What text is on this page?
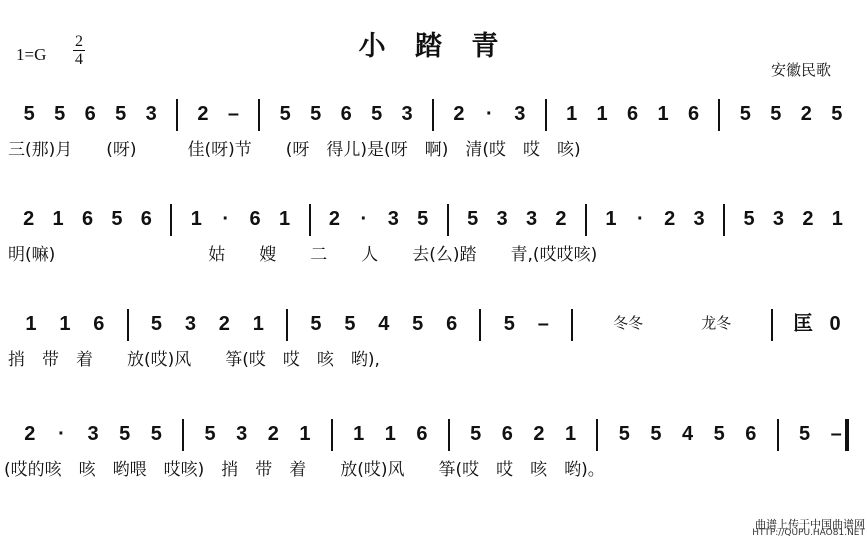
小 踏 青
1=G
2
4
安徽民歌
5 5 6 5 3 2 – 5 5 6 5 3 2 · 3 1 1 6 1 6 5 5 2 5
三(那)月　　(呀)　　　佳(呀)节　　(呀　得儿)是(呀　啊)　清(哎　哎　咳)
2 1 6 5 6 1 · 6 1 2 · 3 5 5 3 3 2 1 · 2 3 5 3 2 1
明(嘛)　　　　　　　　　姑　　嫂　　二　　人　　去(么)踏　　青,(哎哎咳)
1 1 6 5 3 2 1 5 5 4 5 6 5 –	冬冬	龙冬	匡 0
捎　带　着　　放(哎)风　　筝(哎　哎　咳　哟),
2 · 3 5 5 5 3 2 1 1 1 6 5 6 2 1 5 5 4 5 6 5 –
(哎的咳　咳　哟喂　哎咳)　捎　带　着　　放(哎)风　　筝(哎　哎　咳　哟)。
曲谱上传于中国曲谱网
HTTP://QUPU.HAO81.NET
